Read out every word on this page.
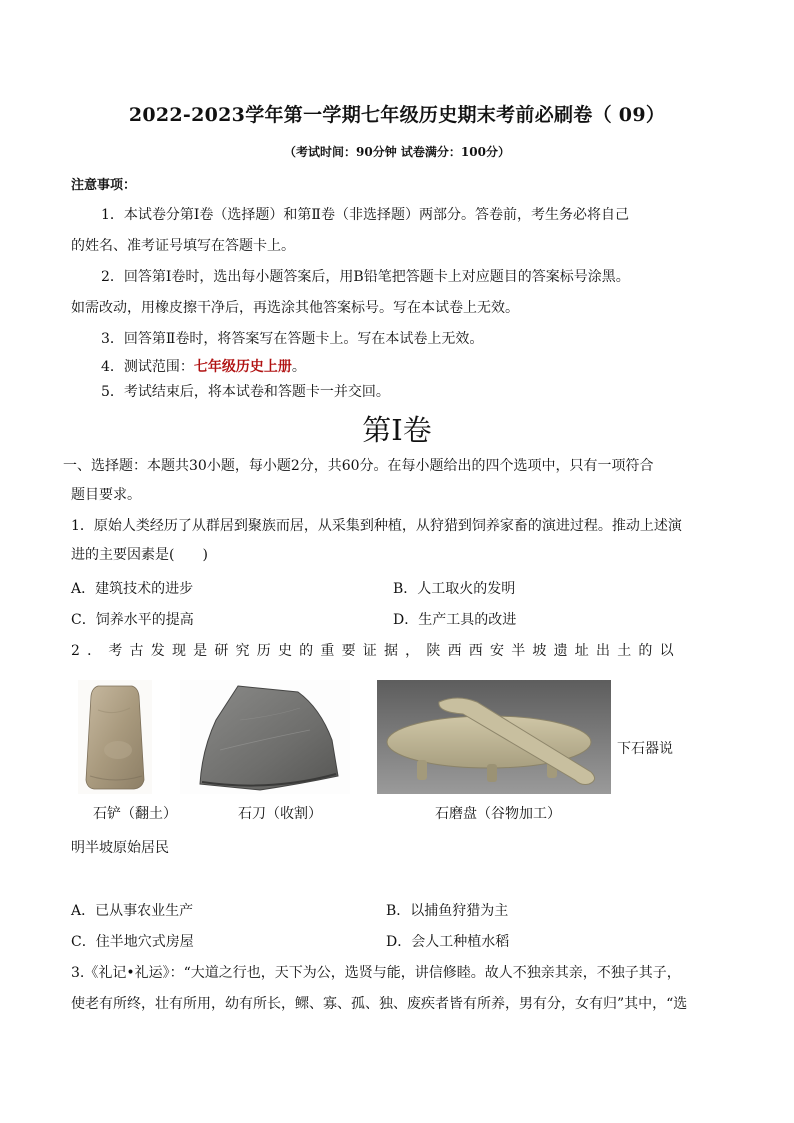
2022-2023学年第一学期七年级历史期末考前必刷卷（ 09）
（考试时间：90分钟 试卷满分：100分）
注意事项：
1．本试卷分第Ⅰ卷（选择题）和第Ⅱ卷（非选择题）两部分。答卷前，考生务必将自己
的姓名、准考证号填写在答题卡上。
2．回答第Ⅰ卷时，选出每小题答案后，用B铅笔把答题卡上对应题目的答案标号涂黑。
如需改动，用橡皮擦干净后，再选涂其他答案标号。写在本试卷上无效。
3．回答第Ⅱ卷时，将答案写在答题卡上。写在本试卷上无效。
4．测试范围：七年级历史上册。
5．考试结束后，将本试卷和答题卡一并交回。
第Ⅰ卷
一、选择题：本题共30小题，每小题2分，共60分。在每小题给出的四个选项中，只有一项符合
题目要求。
1．原始人类经历了从群居到聚族而居，从采集到种植，从狩猎到饲养家畜的演进过程。推动上述演
进的主要因素是(　　)
A．建筑技术的进步	B．人工取火的发明
C．饲养水平的提高	D．生产工具的改进
2 ． 考 古 发 现 是 研 究 历 史 的 重 要 证 据 ， 陕 西 西 安 半 坡 遗 址 出 土 的 以
石铲（翻土）	石刀（收割）	石磨盘（谷物加工）
下石器说
明半坡原始居民
A．已从事农业生产	B．以捕鱼狩猎为主
C．住半地穴式房屋	D．会人工种植水稻
3.《礼记•礼运》：“大道之行也，天下为公，选贤与能，讲信修睦。故人不独亲其亲，不独子其子，
使老有所终，壮有所用，幼有所长，鳏、寡、孤、独、废疾者皆有所养，男有分，女有归”其中，“选
